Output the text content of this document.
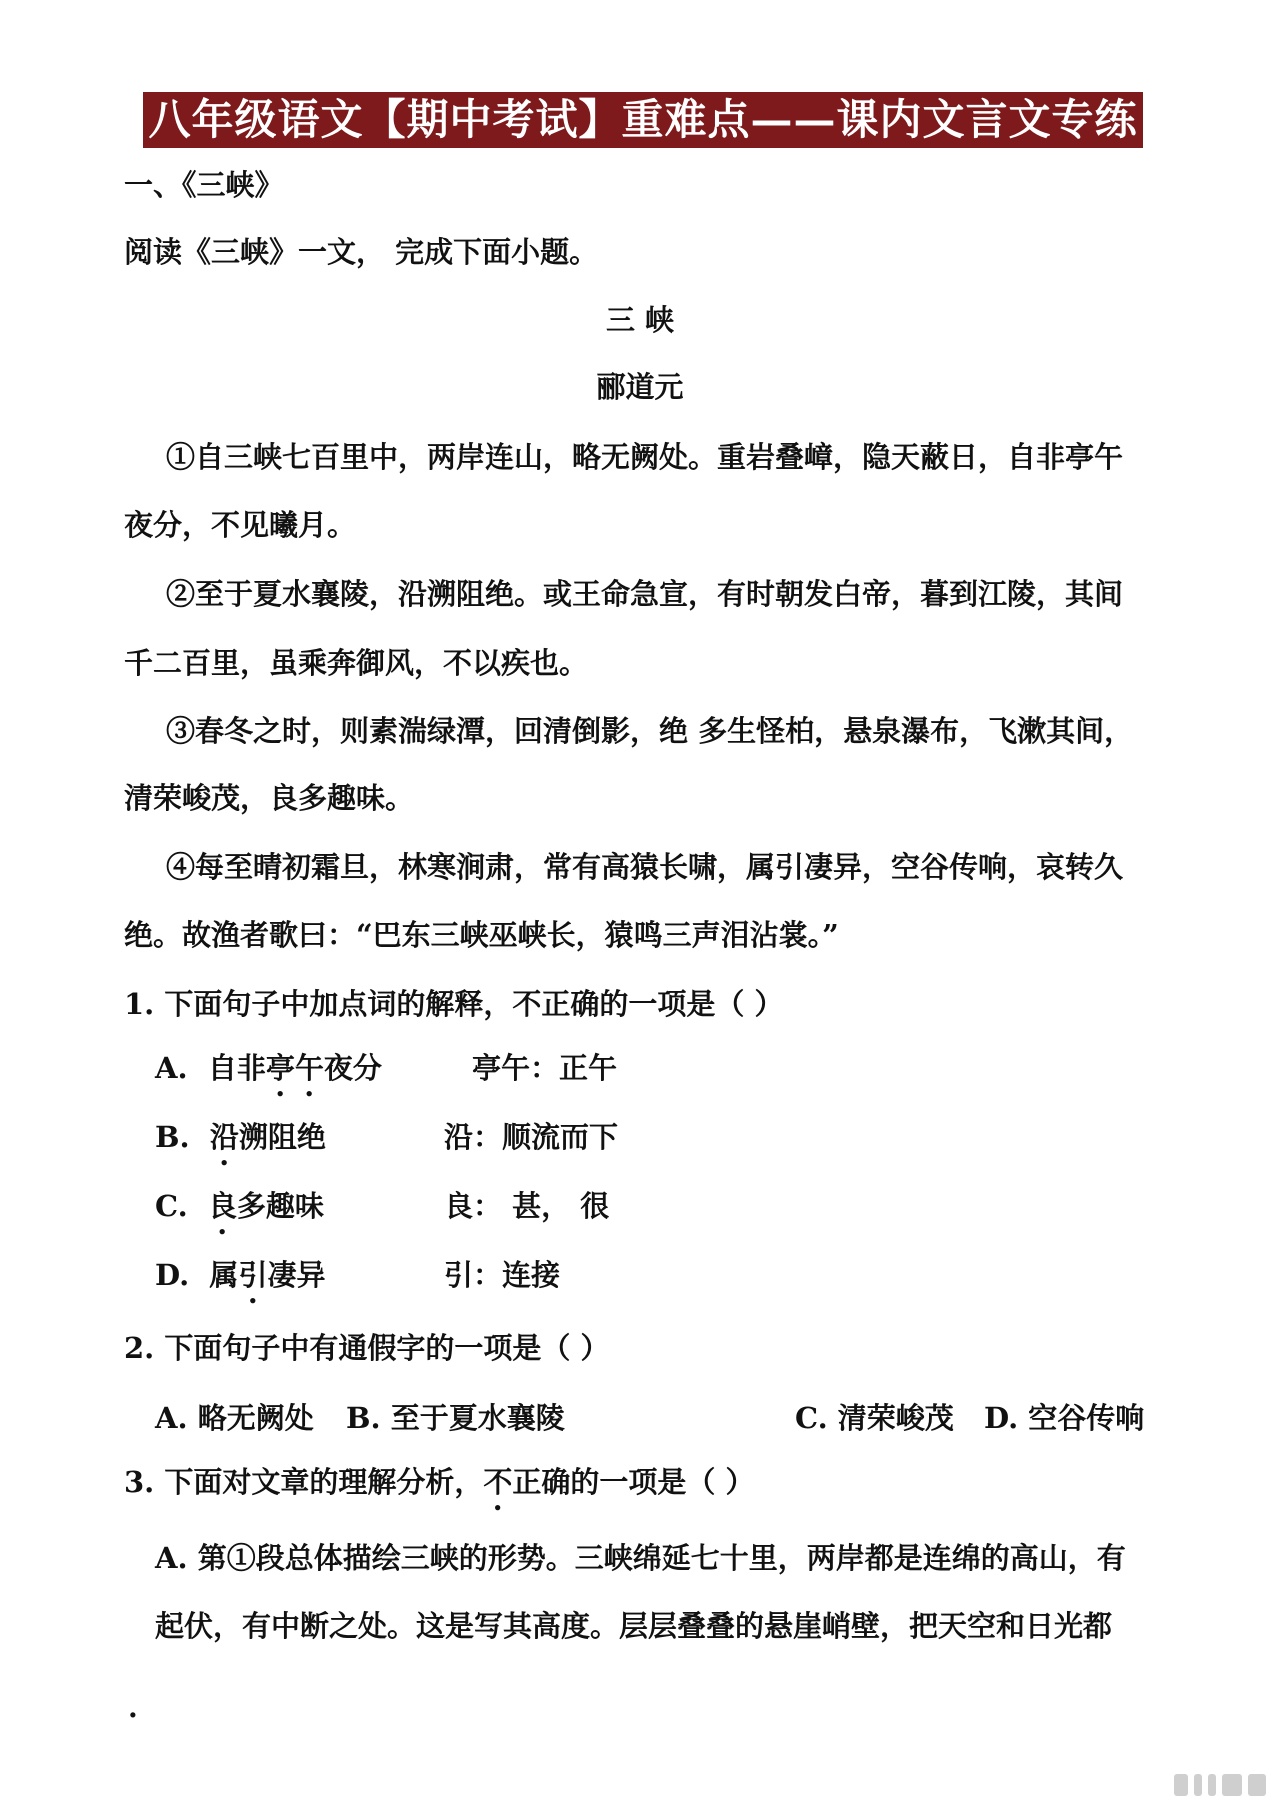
八年级语文【期中考试】重难点——课内文言文专练
一、《三峡》
阅读《三峡》一文， 完成下面小题。
三 峡
郦道元
①自三峡七百里中，两岸连山，略无阙处。重岩叠嶂，隐天蔽日，自非亭午
夜分，不见曦月。
②至于夏水襄陵，沿溯阻绝。或王命急宣，有时朝发白帝，暮到江陵，其间
千二百里，虽乘奔御风，不以疾也。
③春冬之时，则素湍绿潭，回清倒影，绝 多生怪柏，悬泉瀑布，飞漱其间，
清荣峻茂，良多趣味。
④每至晴初霜旦，林寒涧肃，常有高猿长啸，属引凄异，空谷传响，哀转久
绝。故渔者歌曰：“巴东三峡巫峡长，猿鸣三声泪沾裳。”
1. 下面句子中加点词的解释，不正确的一项是（ ）
A. 自非亭午夜分	亭午：正午
B. 沿溯阻绝	沿：顺流而下
C. 良多趣味	良： 甚， 很
D. 属引凄异	引：连接
2. 下面句子中有通假字的一项是（ ）
A. 略无阙处 B. 至于夏水襄陵	C. 清荣峻茂 D. 空谷传响
3. 下面对文章的理解分析，不正确的一项是（ ）
A. 第①段总体描绘三峡的形势。三峡绵延七十里，两岸都是连绵的高山，有
起伏，有中断之处。这是写其高度。层层叠叠的悬崖峭壁，把天空和日光都
.
